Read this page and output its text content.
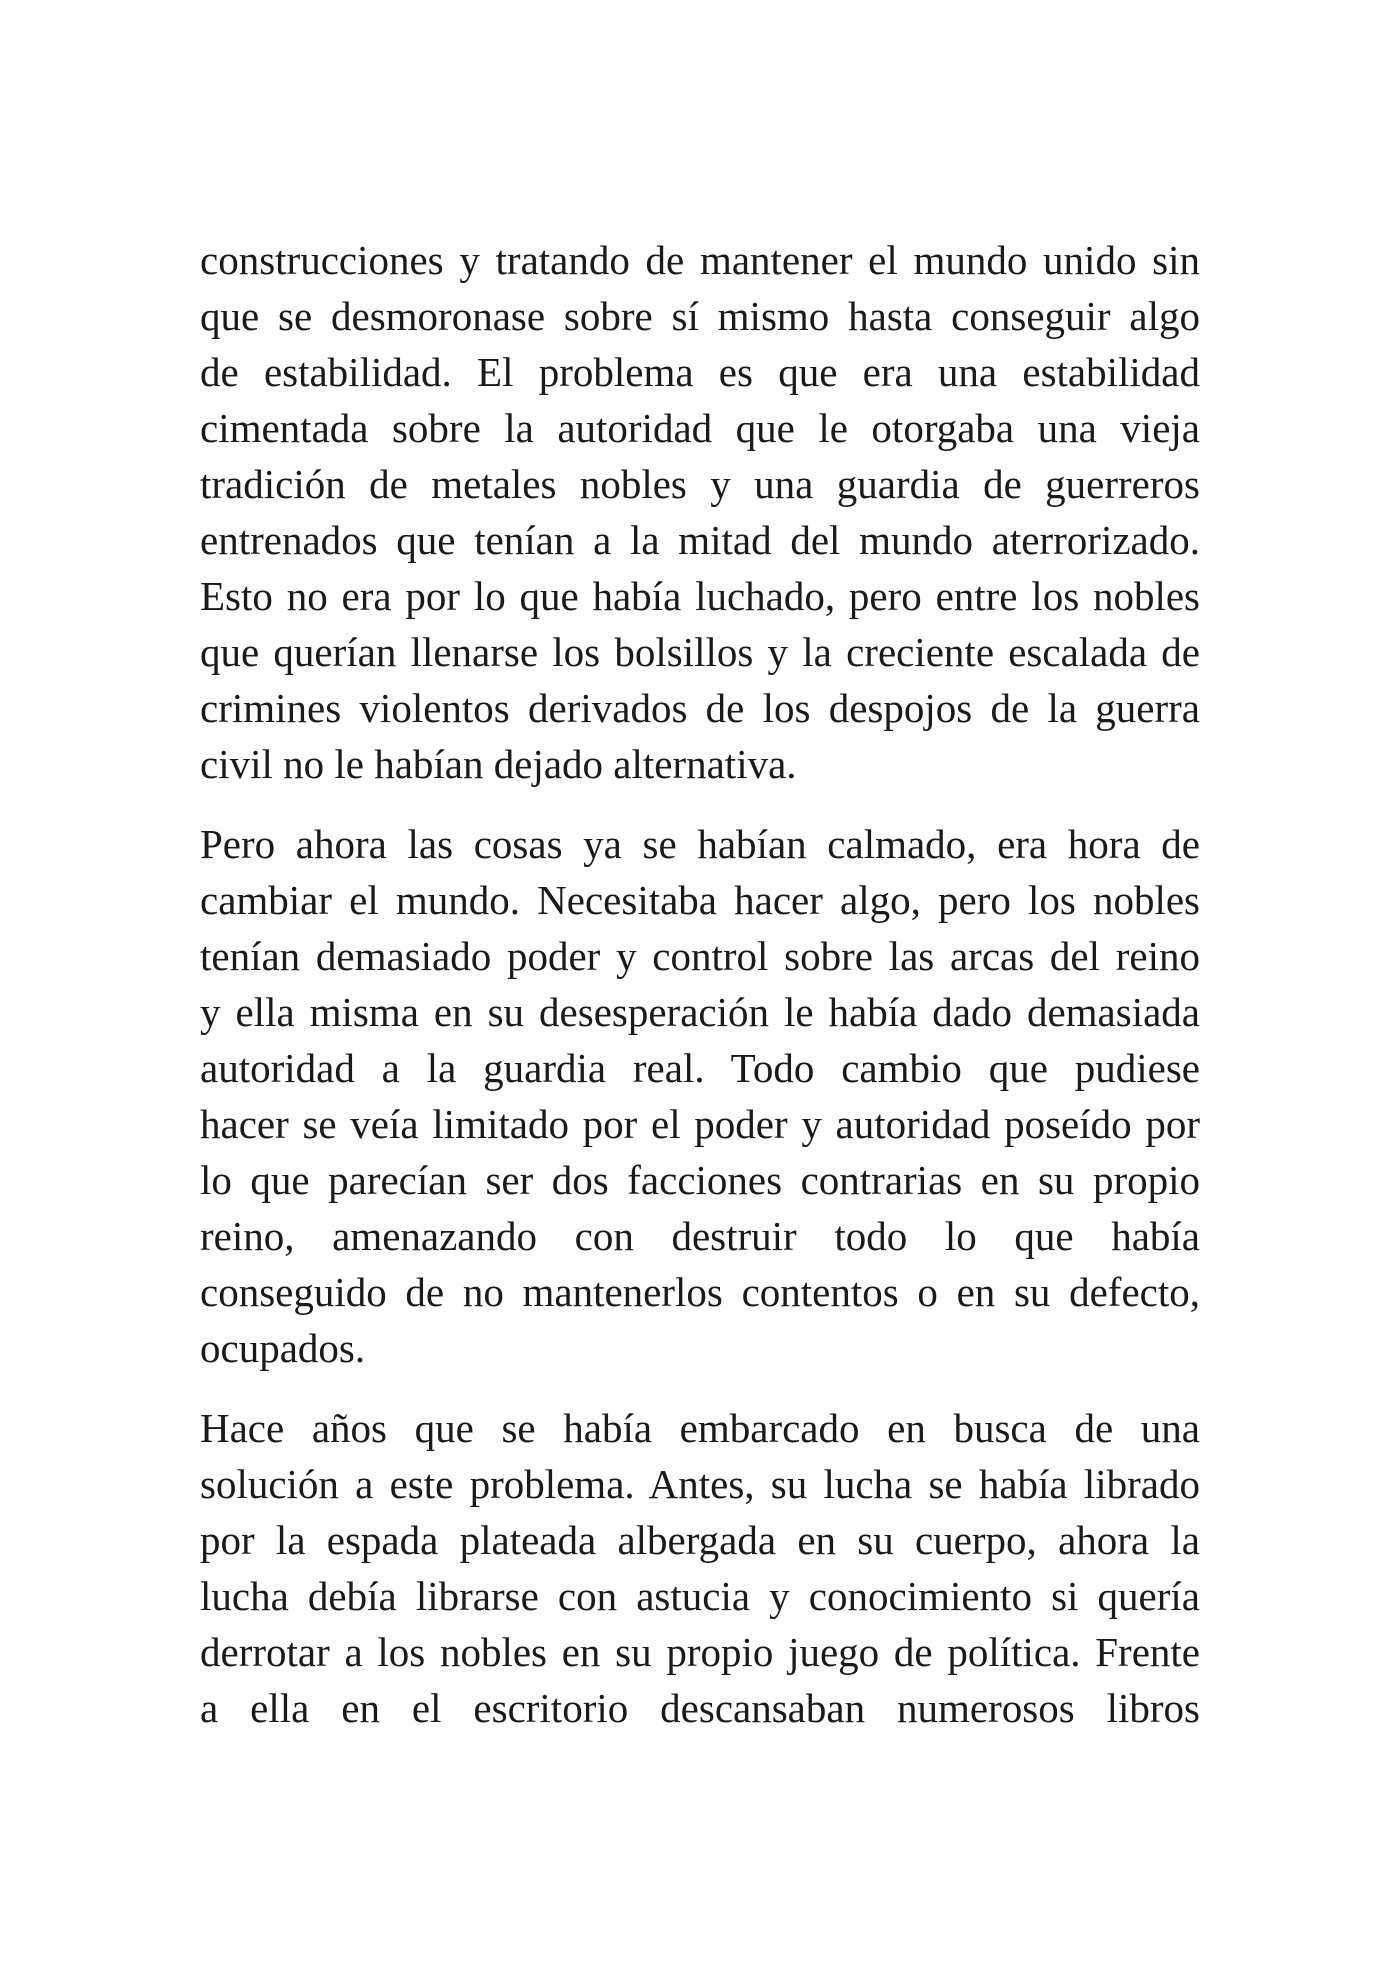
construcciones y tratando de mantener el mundo unido sin
que se desmoronase sobre sí mismo hasta conseguir algo
de estabilidad. El problema es que era una estabilidad
cimentada sobre la autoridad que le otorgaba una vieja
tradición de metales nobles y una guardia de guerreros
entrenados que tenían a la mitad del mundo aterrorizado.
Esto no era por lo que había luchado, pero entre los nobles
que querían llenarse los bolsillos y la creciente escalada de
crimines violentos derivados de los despojos de la guerra
civil no le habían dejado alternativa.
Pero ahora las cosas ya se habían calmado, era hora de
cambiar el mundo. Necesitaba hacer algo, pero los nobles
tenían demasiado poder y control sobre las arcas del reino
y ella misma en su desesperación le había dado demasiada
autoridad a la guardia real. Todo cambio que pudiese
hacer se veía limitado por el poder y autoridad poseído por
lo que parecían ser dos facciones contrarias en su propio
reino, amenazando con destruir todo lo que había
conseguido de no mantenerlos contentos o en su defecto,
ocupados.
Hace años que se había embarcado en busca de una
solución a este problema. Antes, su lucha se había librado
por la espada plateada albergada en su cuerpo, ahora la
lucha debía librarse con astucia y conocimiento si quería
derrotar a los nobles en su propio juego de política. Frente
a ella en el escritorio descansaban numerosos libros
